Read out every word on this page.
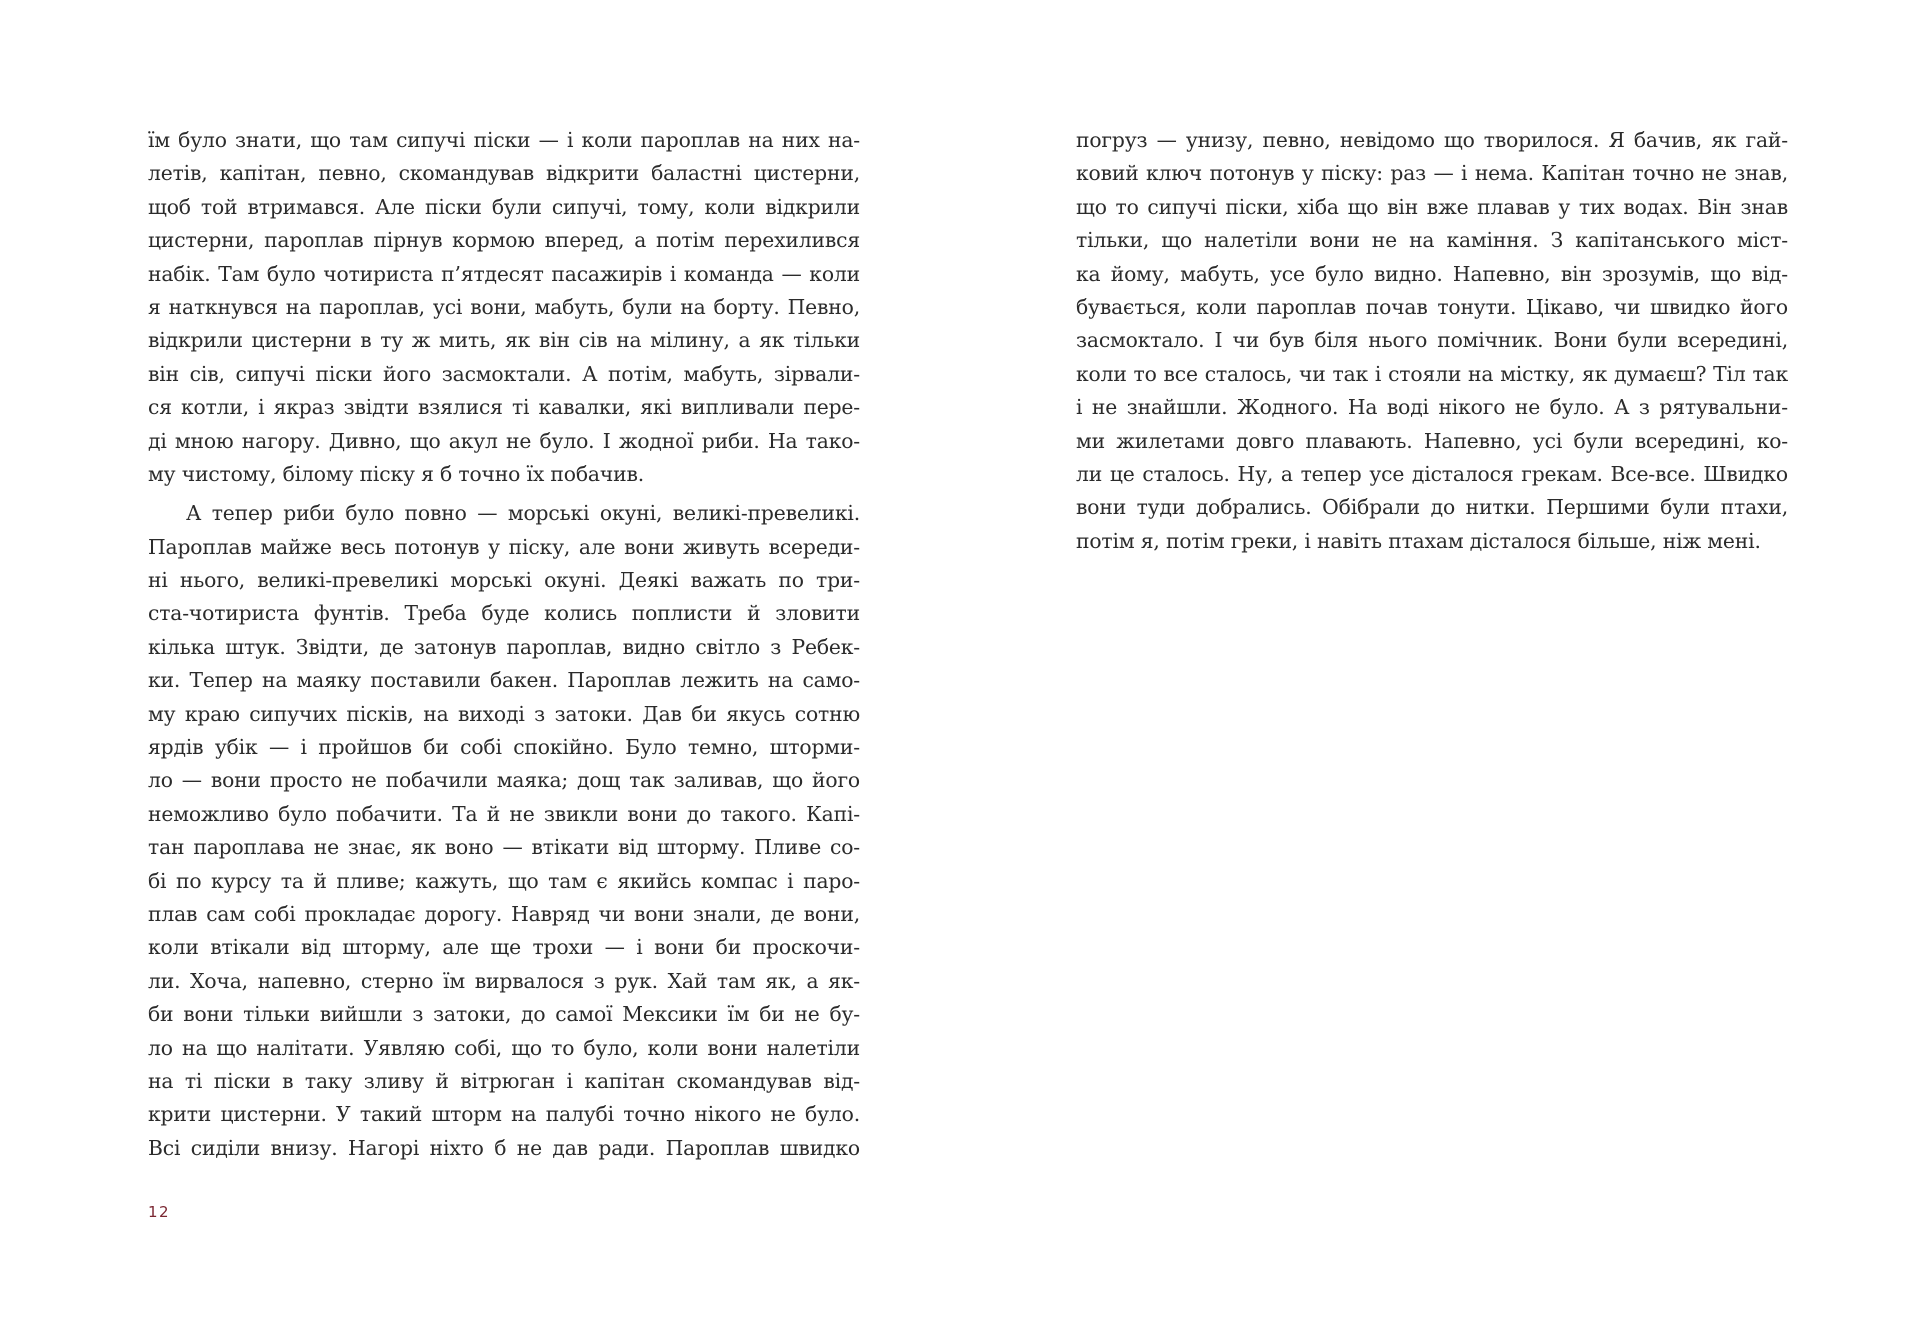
їм було знати, що там сипучі піски — і коли пароплав на них на-
летів, капітан, певно, скомандував відкрити баластні цистерни,
щоб той втримався. Але піски були сипучі, тому, коли відкрили
цистерни, пароплав пірнув кормою вперед, а потім перехилився
набік. Там було чотириста п’ятдесят пасажирів і команда — коли
я наткнувся на пароплав, усі вони, мабуть, були на борту. Певно,
відкрили цистерни в ту ж мить, як він сів на мілину, а як тільки
він сів, сипучі піски його засмоктали. А потім, мабуть, зірвали-
ся котли, і якраз звідти взялися ті кавалки, які випливали пере-
ді мною нагору. Дивно, що акул не було. І жодної риби. На тако-
му чистому, білому піску я б точно їх побачив.
А тепер риби було повно — морські окуні, великі-превеликі.
Пароплав майже весь потонув у піску, але вони живуть всереди-
ні нього, великі-превеликі морські окуні. Деякі важать по три-
ста-чотириста фунтів. Треба буде колись поплисти й зловити
кілька штук. Звідти, де затонув пароплав, видно світло з Ребек-
ки. Тепер на маяку поставили бакен. Пароплав лежить на само-
му краю сипучих пісків, на виході з затоки. Дав би якусь сотню
ярдів убік — і пройшов би собі спокійно. Було темно, шторми-
ло — вони просто не побачили маяка; дощ так заливав, що його
неможливо було побачити. Та й не звикли вони до такого. Капі-
тан пароплава не знає, як воно — втікати від шторму. Пливе со-
бі по курсу та й пливе; кажуть, що там є якийсь компас і паро-
плав сам собі прокладає дорогу. Навряд чи вони знали, де вони,
коли втікали від шторму, але ще трохи — і вони би проскочи-
ли. Хоча, напевно, стерно їм вирвалося з рук. Хай там як, а як-
би вони тільки вийшли з затоки, до самої Мексики їм би не бу-
ло на що налітати. Уявляю собі, що то було, коли вони налетіли
на ті піски в таку зливу й вітрюган і капітан скомандував від-
крити цистерни. У такий шторм на палубі точно нікого не було.
Всі сиділи внизу. Нагорі ніхто б не дав ради. Пароплав швидко
12
погруз — унизу, певно, невідомо що творилося. Я бачив, як гай-
ковий ключ потонув у піску: раз — і нема. Капітан точно не знав,
що то сипучі піски, хіба що він вже плавав у тих водах. Він знав
тільки, що налетіли вони не на каміння. З капітанського міст-
ка йому, мабуть, усе було видно. Напевно, він зрозумів, що від-
бувається, коли пароплав почав тонути. Цікаво, чи швидко його
засмоктало. І чи був біля нього помічник. Вони були всередині,
коли то все сталось, чи так і стояли на містку, як думаєш? Тіл так
і не знайшли. Жодного. На воді нікого не було. А з рятувальни-
ми жилетами довго плавають. Напевно, усі були всередині, ко-
ли це сталось. Ну, а тепер усе дісталося грекам. Все-все. Швидко
вони туди добрались. Обібрали до нитки. Першими були птахи,
потім я, потім греки, і навіть птахам дісталося більше, ніж мені.
